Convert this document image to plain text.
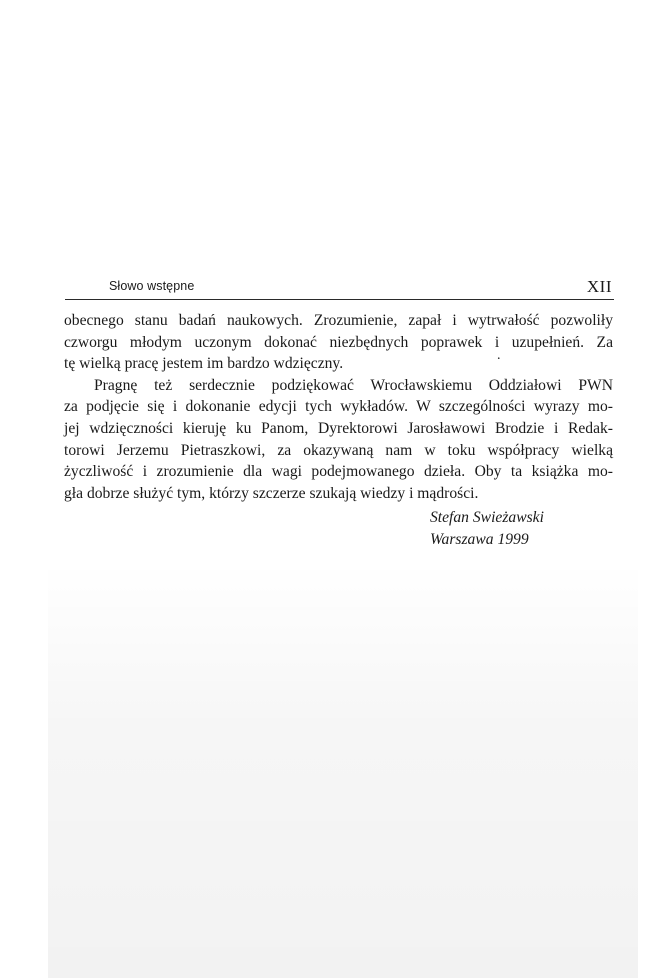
Słowo wstępne	XII
obecnego stanu badań naukowych. Zrozumienie, zapał i wytrwałość pozwoliły
czworgu młodym uczonym dokonać niezbędnych poprawek i uzupełnień. Za
tę wielką pracę jestem im bardzo wdzięczny.
Pragnę też serdecznie podziękować Wrocławskiemu Oddziałowi PWN
za podjęcie się i dokonanie edycji tych wykładów. W szczególności wyrazy mo-
jej wdzięczności kieruję ku Panom, Dyrektorowi Jarosławowi Brodzie i Redak-
torowi Jerzemu Pietraszkowi, za okazywaną nam w toku współpracy wielką
życzliwość i zrozumienie dla wagi podejmowanego dzieła. Oby ta książka mo-
gła dobrze służyć tym, którzy szczerze szukają wiedzy i mądrości.
.
Stefan Swieżawski
Warszawa 1999
